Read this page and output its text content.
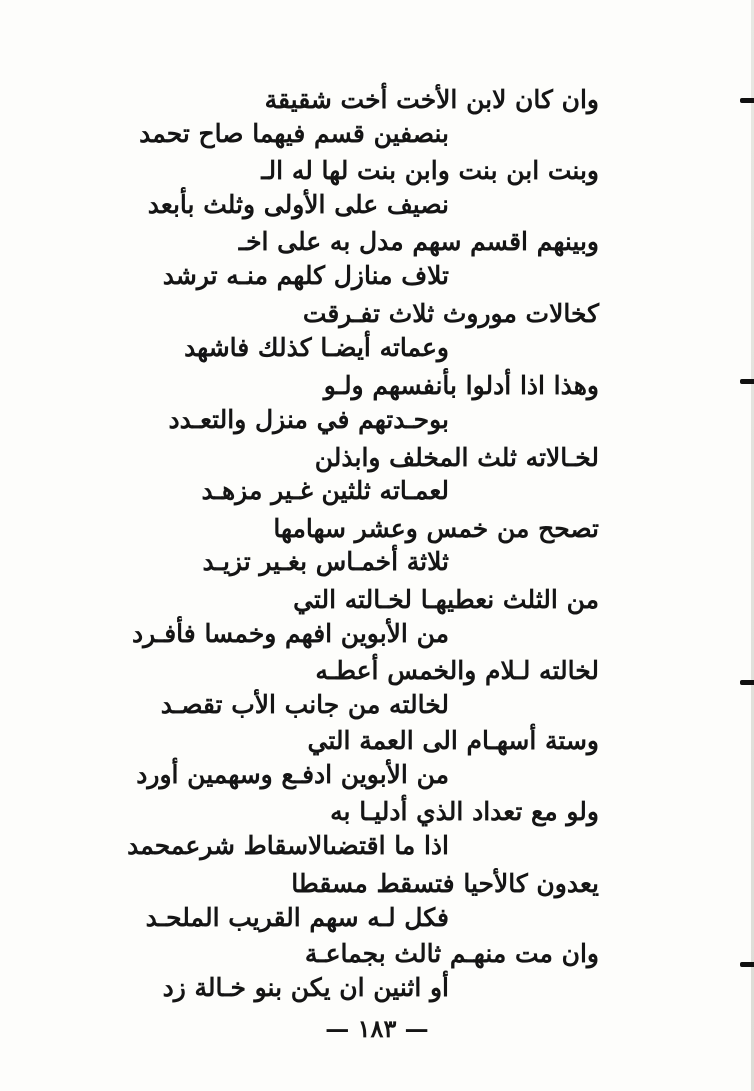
وان كان لابن الأخت أخت شقيقة
بنصفين قسم فيهما صاح تحمد
وبنت ابن بنت وابن بنت لها له الـ
نصيف على الأولى وثلث بأبعد
وبينهم اقسم سهم مدل به على اخـ
تلاف منازل كلهم منـه ترشد
كخالات موروث ثلاث تفـرقت
وعماته أيضـا كذلك فاشهد
وهذا اذا أدلوا بأنفسهم ولـو
بوحـدتهم في منزل والتعـدد
لخـالاته ثلث المخلف وابذلن
لعمـاته ثلثين غـير مزهـد
تصحح من خمس وعشر سهامها
ثلاثة أخمـاس بغـير تزيـد
من الثلث نعطيهـا لخـالته التي
من الأبوين افهم وخمسا فأفـرد
لخالته لـلام والخمس أعطـه
لخالته من جانب الأب تقصـد
وستة أسهـام الى العمة التي
من الأبوين ادفـع وسهمين أورد
ولو مع تعداد الذي أدليـا به
اذا ما اقتضىالاسقاط شرعمحمد
يعدون كالأحيا فتسقط مسقطا
فكل لـه سهم القريب الملحـد
وان مت منهـم ثالث بجماعـة
أو اثنين ان يكن بنو خـالة زد
— ١٨٣ —
